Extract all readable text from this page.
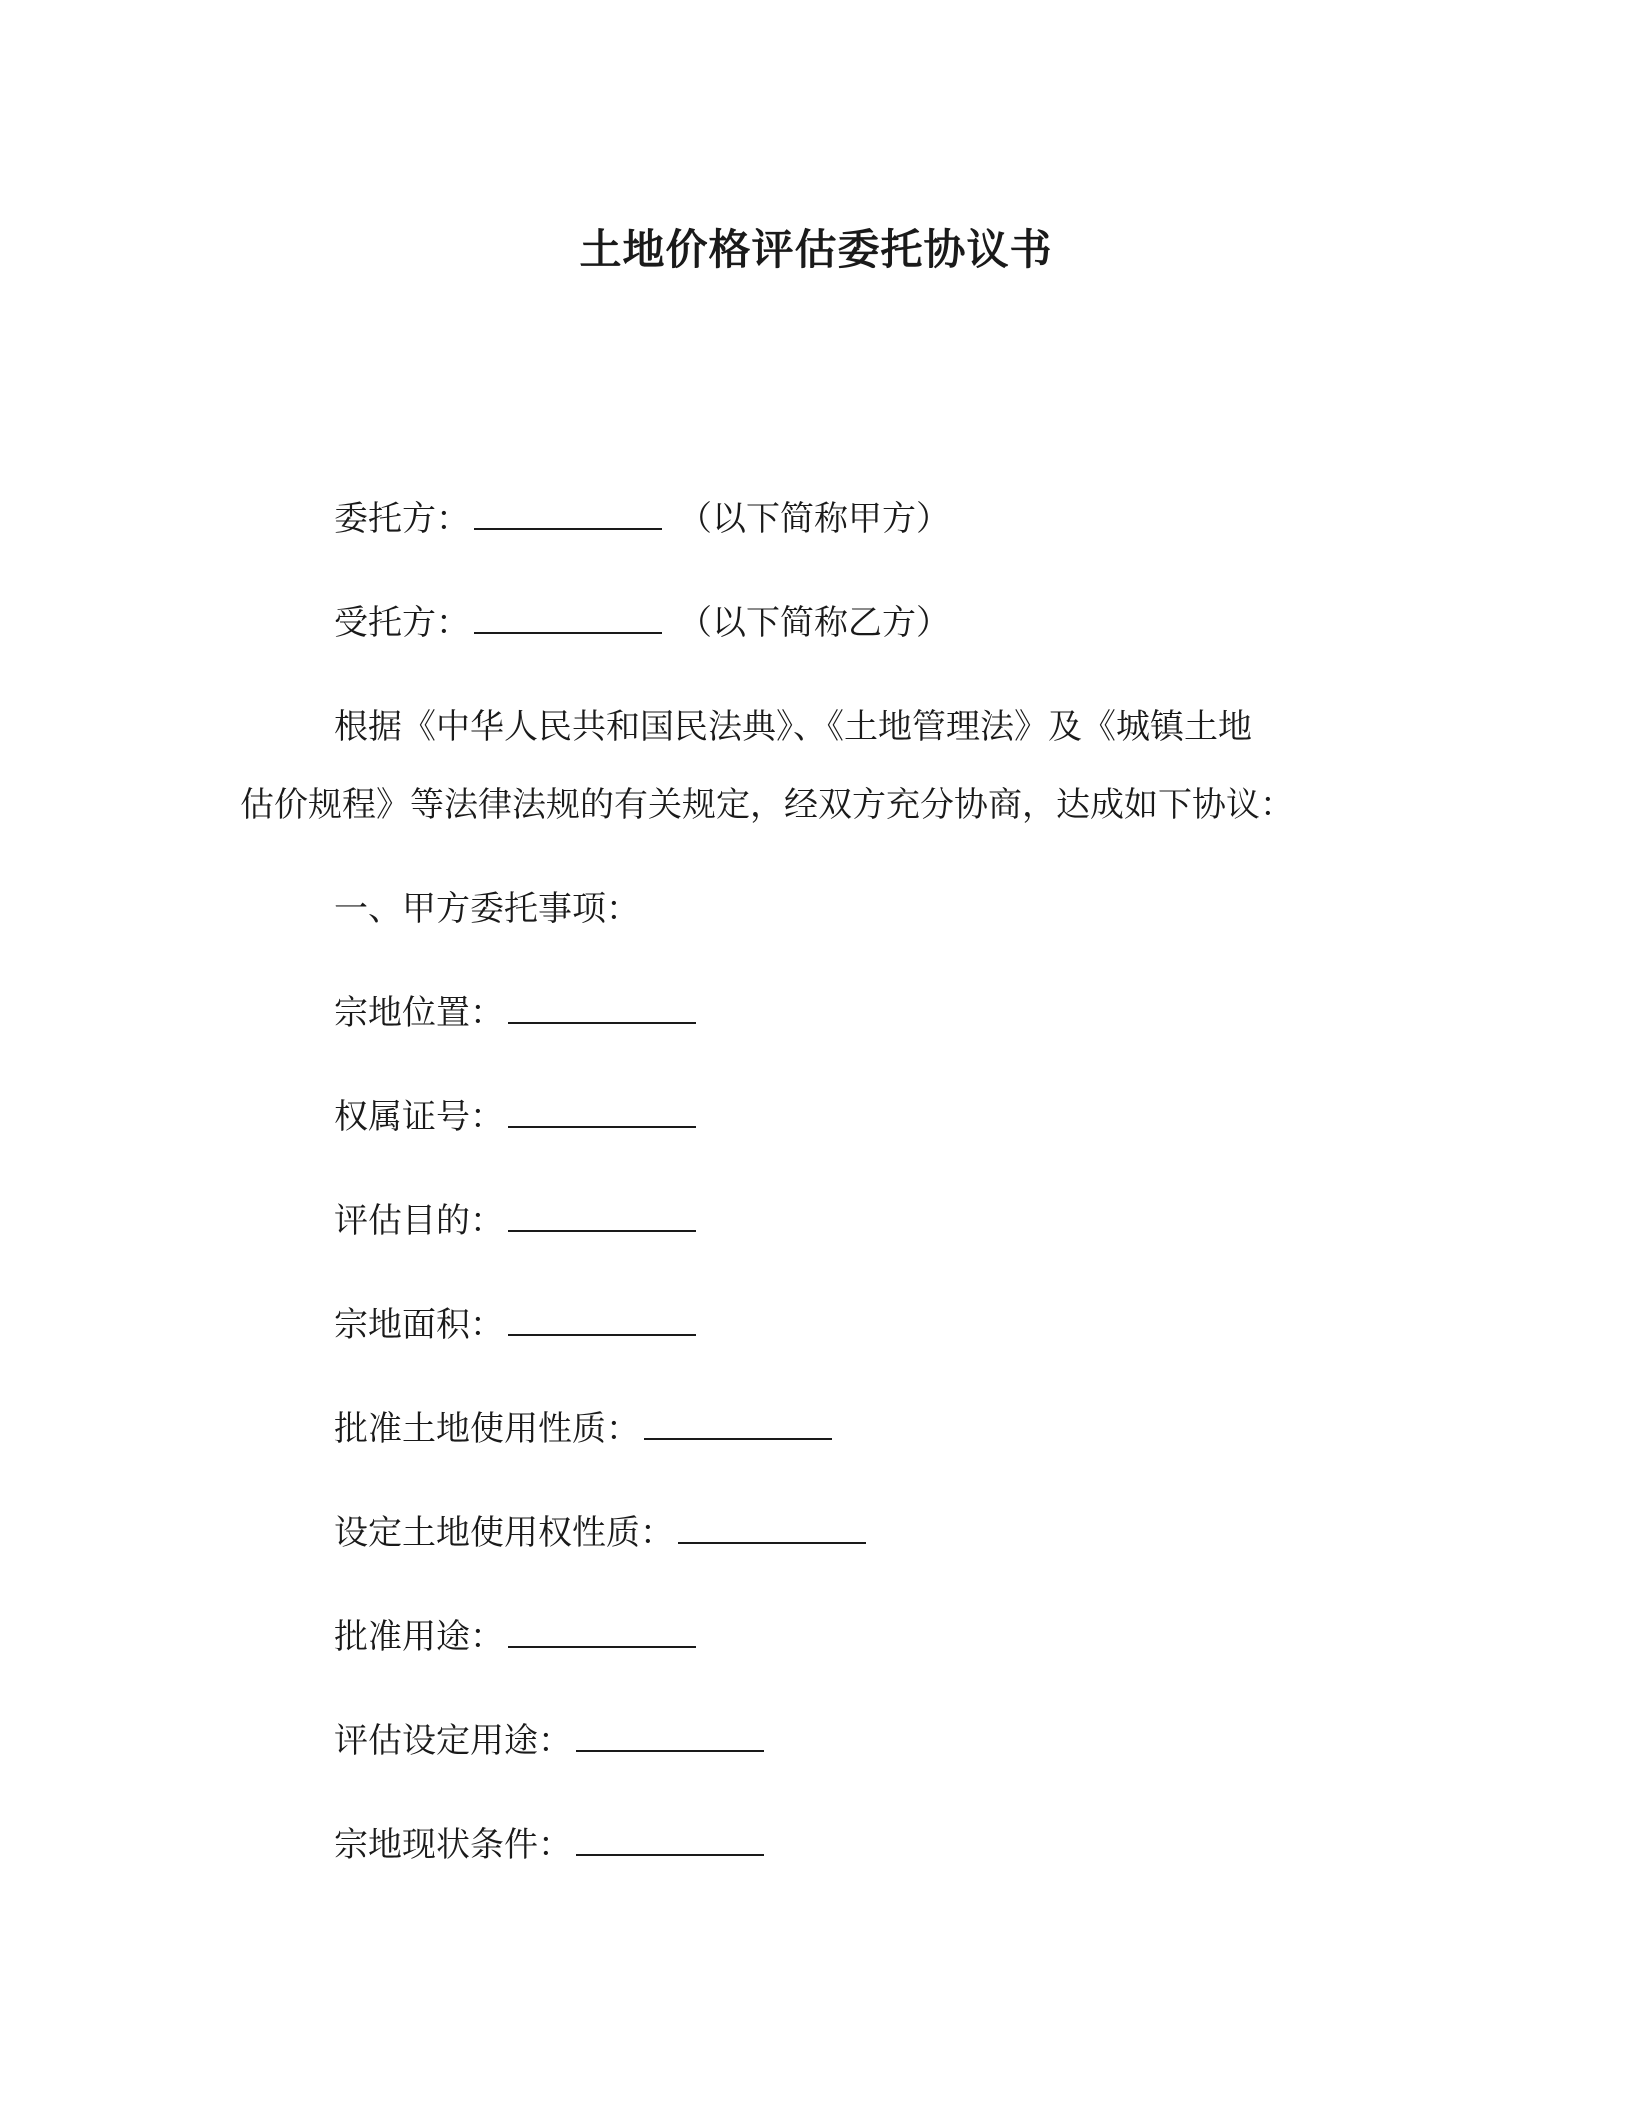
土地价格评估委托协议书
委托方：	（以下简称甲方）
受托方：	（以下简称乙方）
根据《中华人民共和国民法典》、《土地管理法》及《城镇土地
估价规程》等法律法规的有关规定，经双方充分协商，达成如下协议：
一、甲方委托事项：
宗地位置：
权属证号：
评估目的：
宗地面积：
批准土地使用性质：
设定土地使用权性质：
批准用途：
评估设定用途：
宗地现状条件：
